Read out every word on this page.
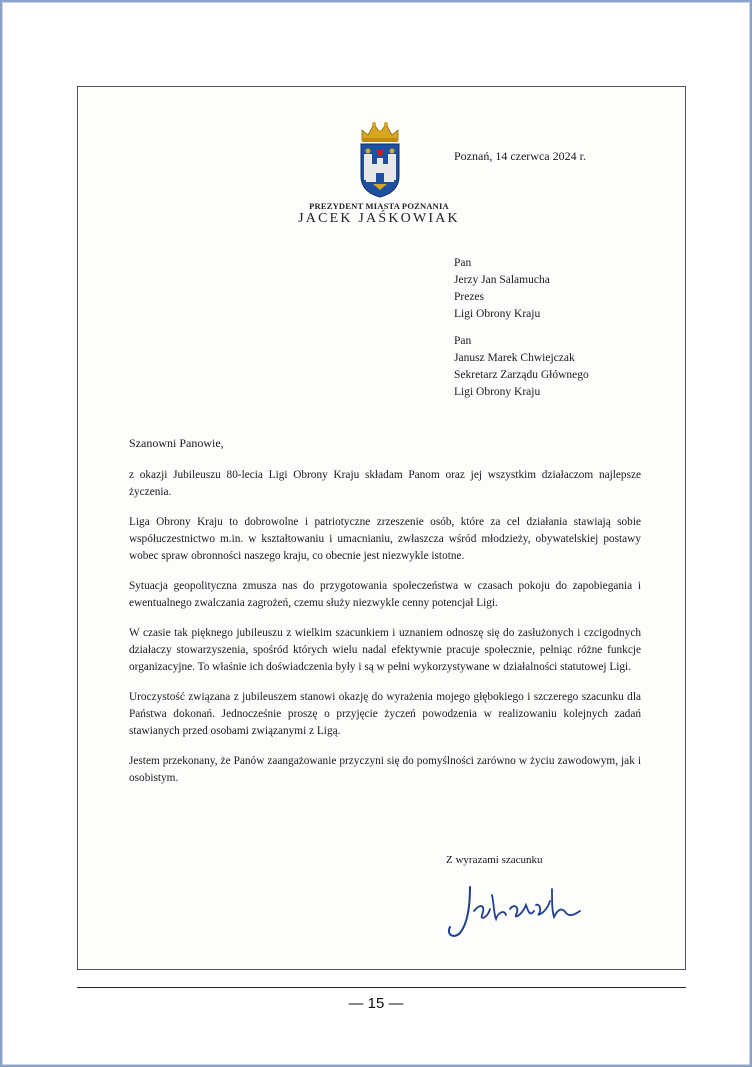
PREZYDENT MIASTA POZNANIA
JACEK JAŚKOWIAK
Poznań, 14 czerwca 2024 r.
Pan
Jerzy Jan Salamucha
Prezes
Ligi Obrony Kraju
Pan
Janusz Marek Chwiejczak
Sekretarz Zarządu Głównego
Ligi Obrony Kraju
Szanowni Panowie,

z okazji Jubileuszu 80-lecia Ligi Obrony Kraju składam Panom oraz jej wszystkim działaczom najlepsze życzenia.

Liga Obrony Kraju to dobrowolne i patriotyczne zrzeszenie osób, które za cel działania stawiają sobie współuczestnictwo m.in. w kształtowaniu i umacnianiu, zwłaszcza wśród młodzieży, obywatelskiej postawy wobec spraw obronności naszego kraju, co obecnie jest niezwykle istotne.

Sytuacja geopolityczna zmusza nas do przygotowania społeczeństwa w czasach pokoju do zapobiegania i ewentualnego zwalczania zagrożeń, czemu służy niezwykle cenny potencjał Ligi.

W czasie tak pięknego jubileuszu z wielkim szacunkiem i uznaniem odnoszę się do zasłużonych i czcigodnych działaczy stowarzyszenia, spośród których wielu nadal efektywnie pracuje społecznie, pełniąc różne funkcje organizacyjne. To właśnie ich doświadczenia były i są w pełni wykorzystywane w działalności statutowej Ligi.

Uroczystość związana z jubileuszem stanowi okazję do wyrażenia mojego głębokiego i szczerego szacunku dla Państwa dokonań. Jednocześnie proszę o przyjęcie życzeń powodzenia w realizowaniu kolejnych zadań stawianych przed osobami związanymi z Ligą.

Jestem przekonany, że Panów zaangażowanie przyczyni się do pomyślności zarówno w życiu zawodowym, jak i osobistym.

Z wyrazami szacunku
— 15 —
